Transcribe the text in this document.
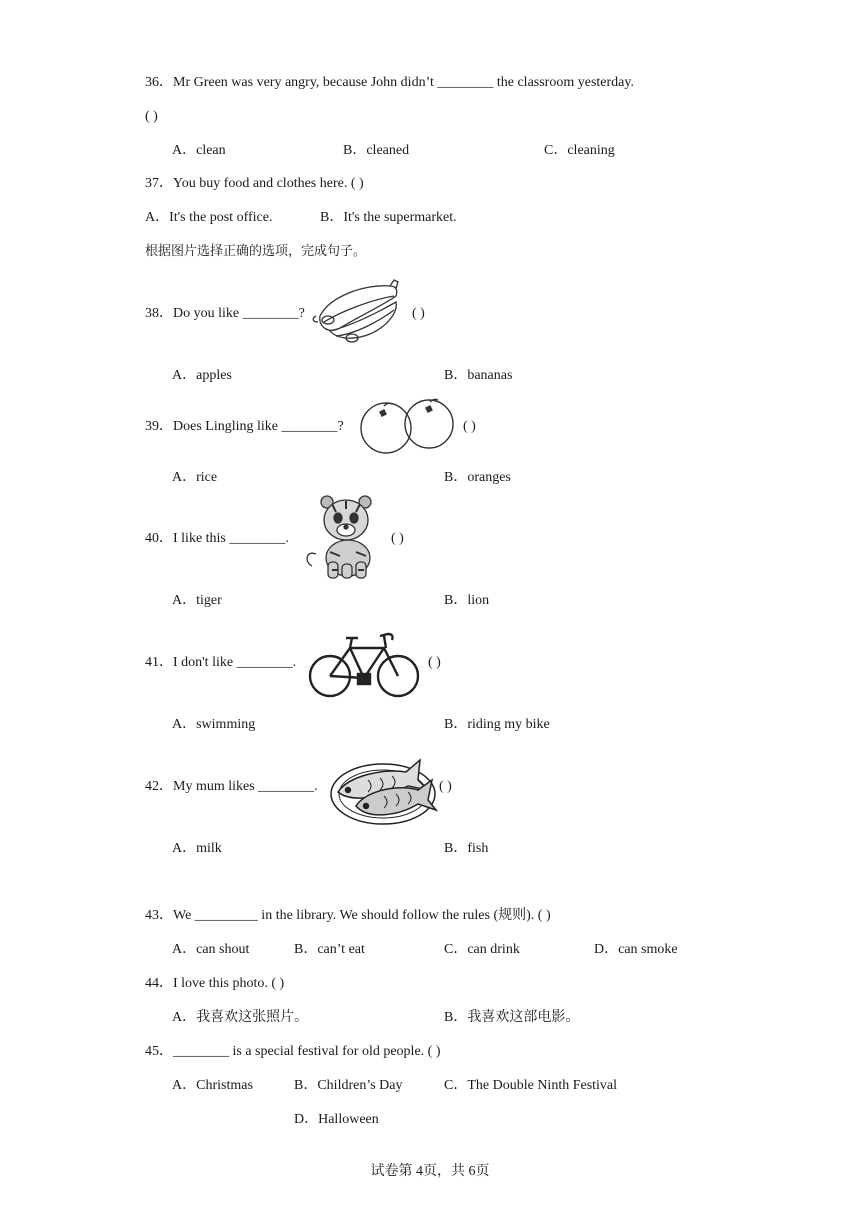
36．Mr Green was very angry, because John didn’t ________ the classroom yesterday.
( )
A．clean	B．cleaned	C．cleaning
37．You buy food and clothes here. ( )
A．It's the post office.	B．It's the supermarket.
根据图片选择正确的选项，完成句子。
38．Do you like ________?	( )
A．apples	B．bananas
39．Does Lingling like ________?	( )
A．rice	B．oranges
40．I like this ________.	( )
A．tiger	B．lion
41．I don't like ________.	( )
A．swimming	B．riding my bike
42．My mum likes ________.	( )
A．milk	B．fish
43．We _________ in the library. We should follow the rules (规则). ( )
A．can shout	B．can’t eat	C．can drink	D．can smoke
44．I love this photo. ( )
A．我喜欢这张照片。	B．我喜欢这部电影。
45．________ is a special festival for old people. ( )
A．Christmas	B．Children’s Day	C．The Double Ninth Festival
D．Halloween
试卷第 4页，共 6页
